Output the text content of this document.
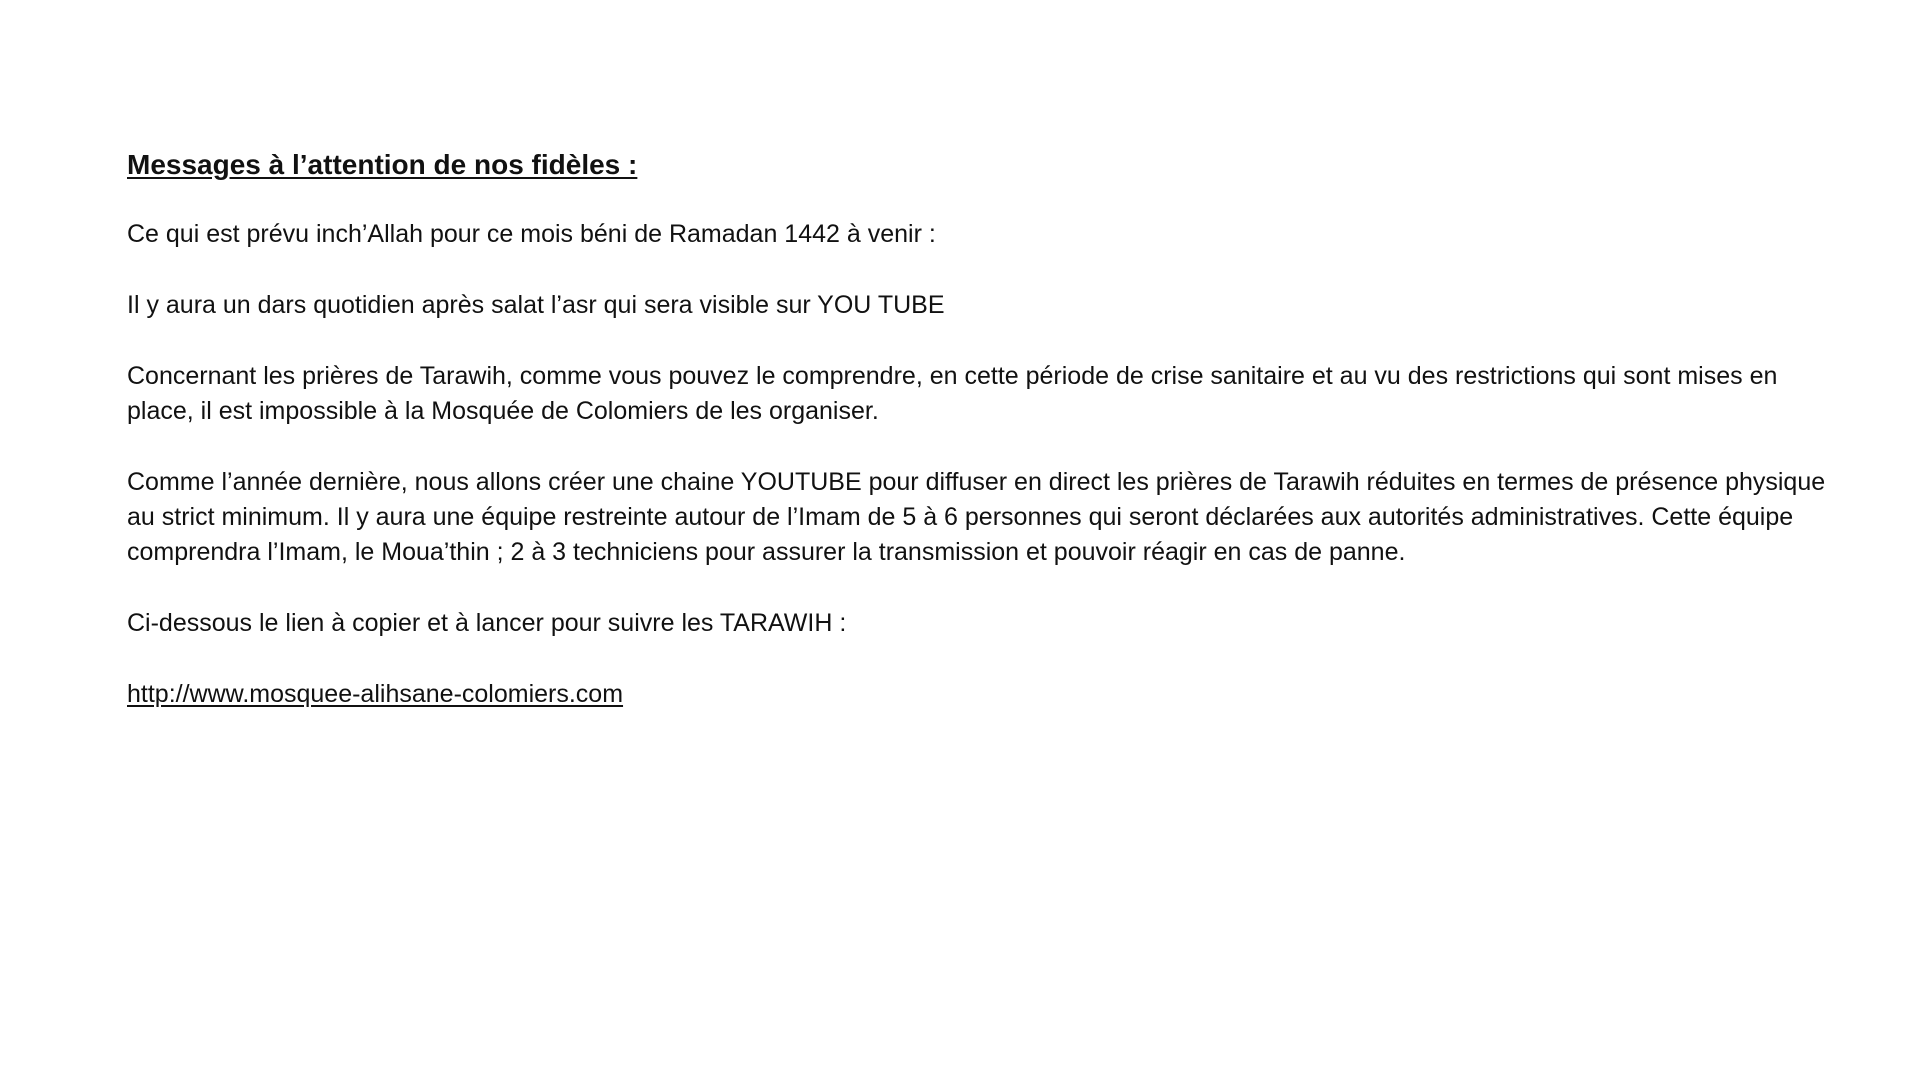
Messages à l’attention de nos fidèles :
Ce qui est prévu inch’Allah pour ce mois béni de Ramadan 1442 à venir :
Il y aura un dars quotidien après salat l’asr qui sera visible sur YOU TUBE
Concernant les prières de Tarawih, comme vous pouvez le comprendre, en cette période de crise sanitaire et au vu des restrictions qui sont mises en place, il est impossible à la Mosquée de Colomiers de les organiser.
Comme l’année dernière, nous allons créer une chaine YOUTUBE pour diffuser en direct les prières de Tarawih réduites en termes de présence physique au strict minimum. Il y aura une équipe restreinte autour de l’Imam de 5 à 6 personnes qui seront déclarées aux autorités administratives. Cette équipe comprendra l’Imam, le Moua’thin ; 2 à 3 techniciens pour assurer la transmission et pouvoir réagir en cas de panne.
Ci-dessous le lien à copier et à lancer pour suivre les TARAWIH :
http://www.mosquee-alihsane-colomiers.com
